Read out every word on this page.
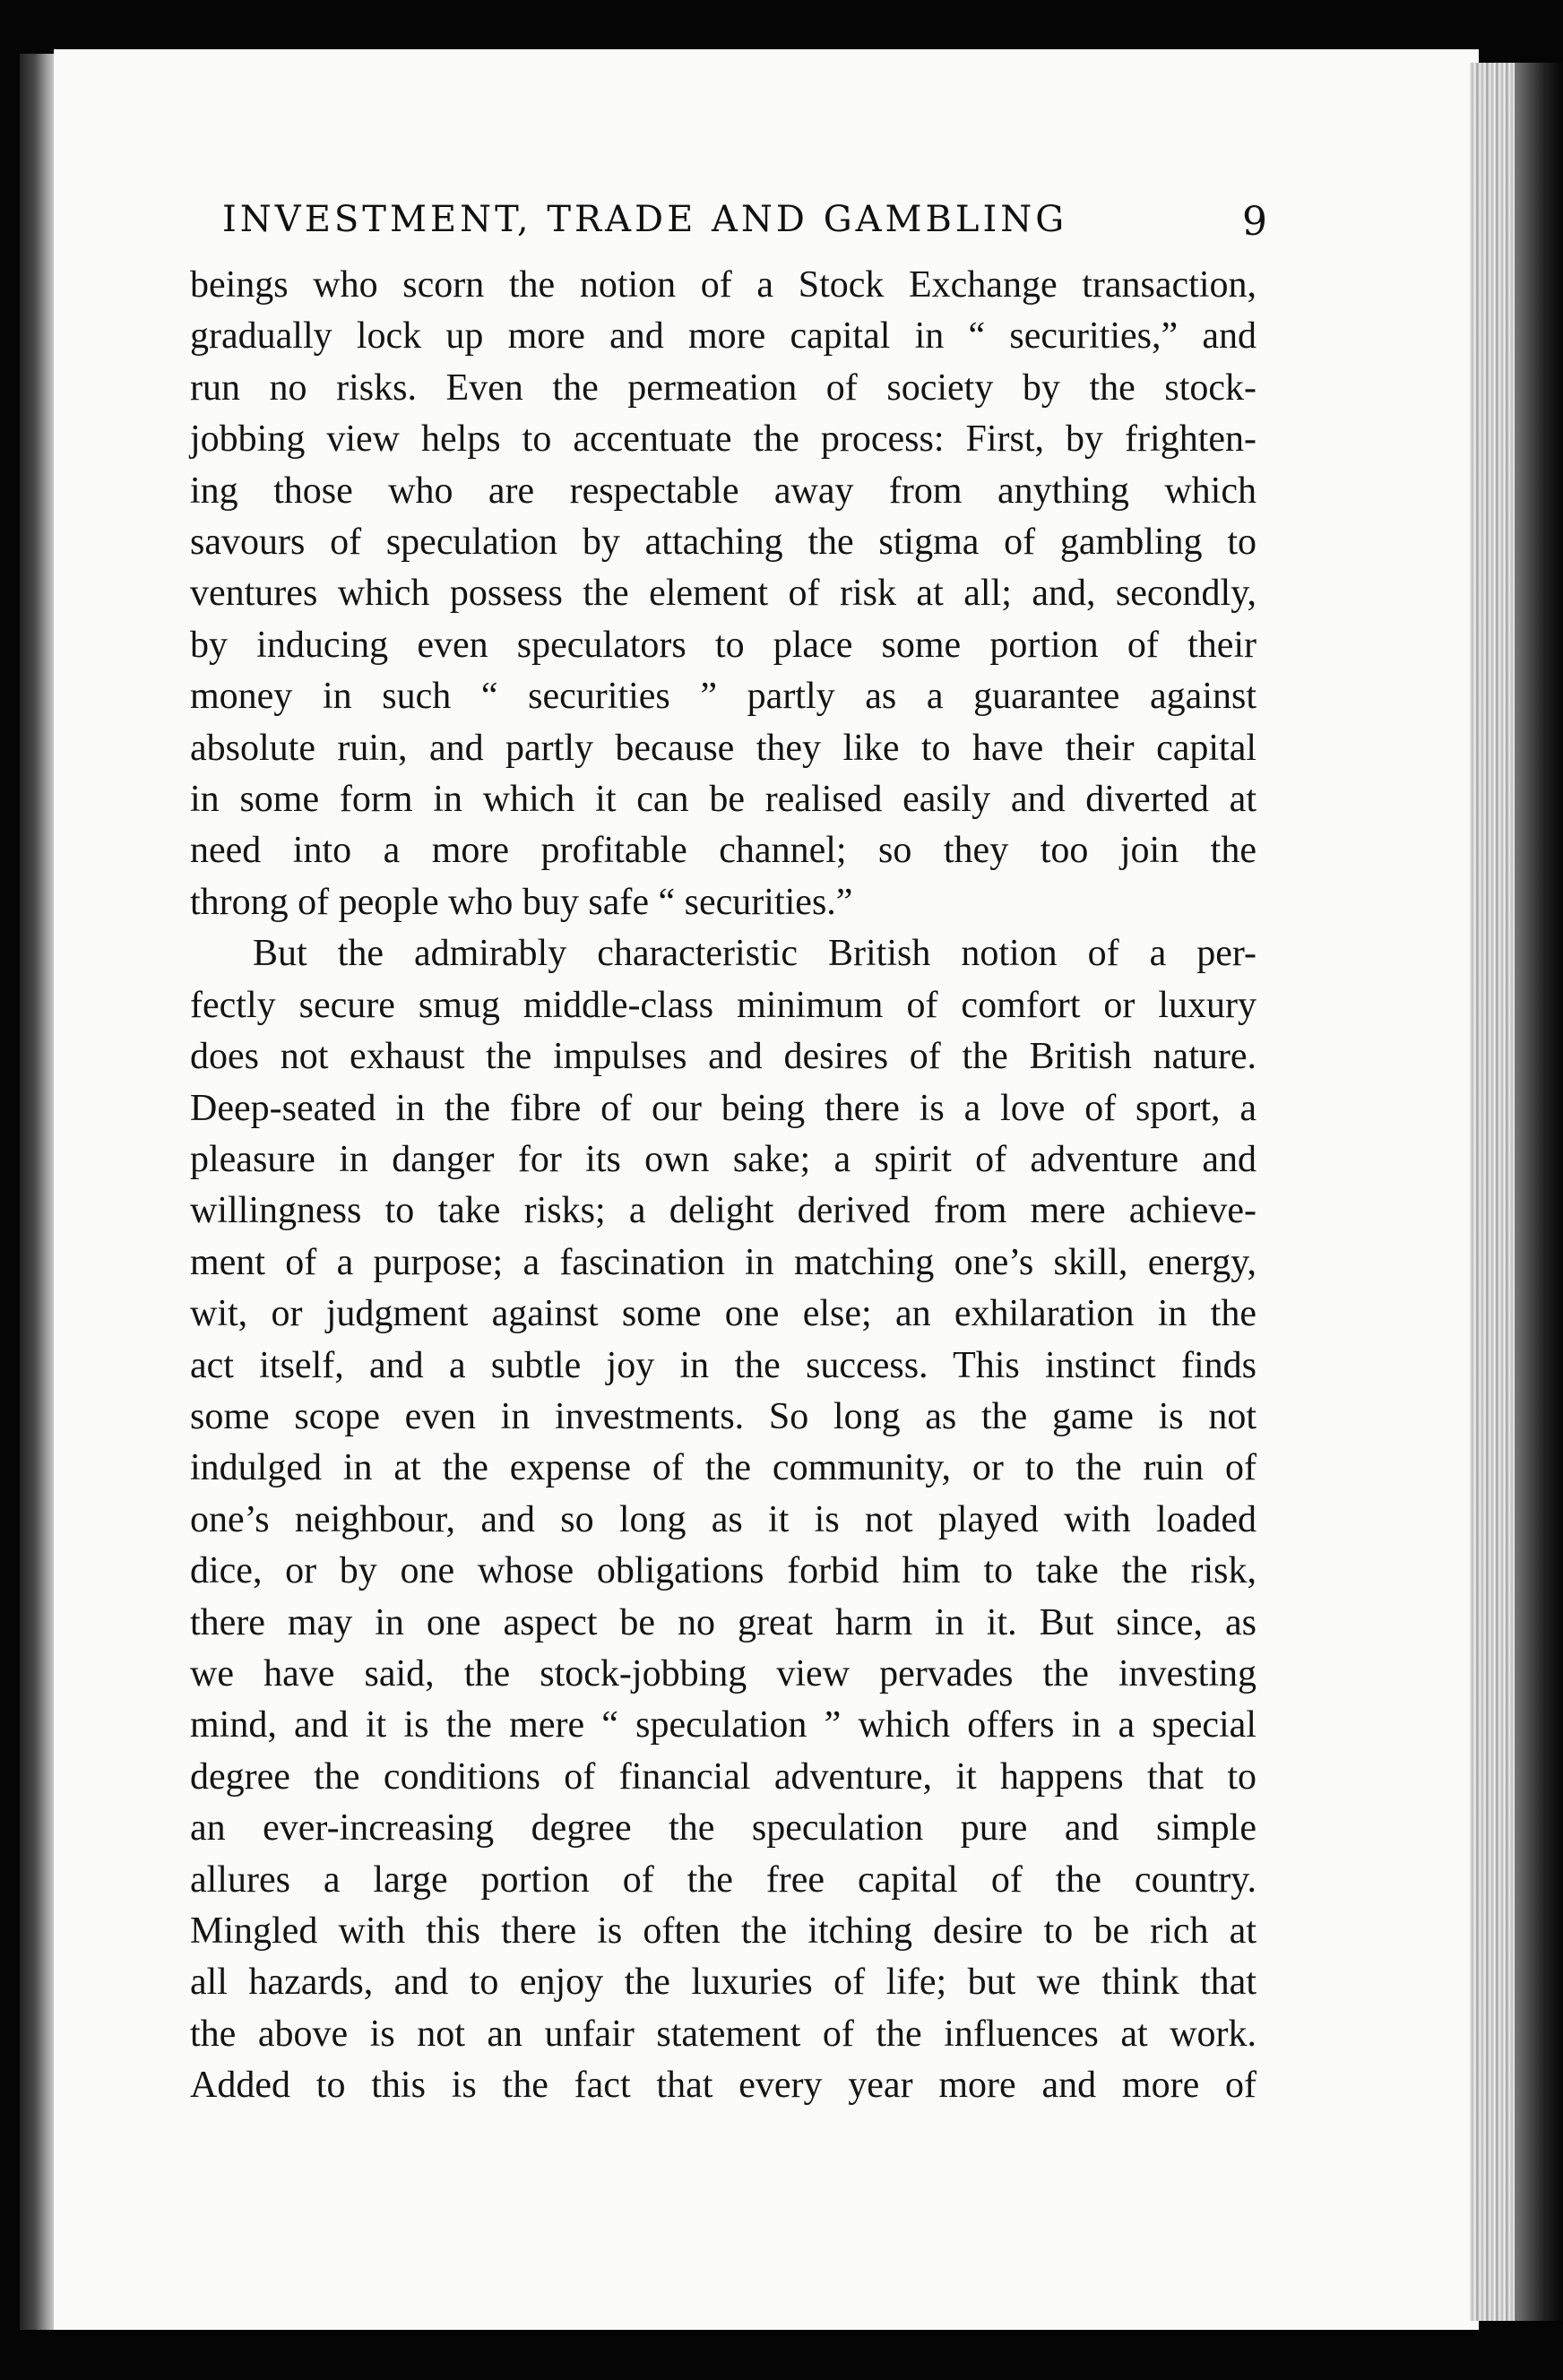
INVESTMENT, TRADE AND GAMBLING	9

beings who scorn the notion of a Stock Exchange transaction,
gradually lock up more and more capital in “ securities,” and
run no risks. Even the permeation of society by the stock-
jobbing view helps to accentuate the process: First, by frighten-
ing those who are respectable away from anything which
savours of speculation by attaching the stigma of gambling to
ventures which possess the element of risk at all; and, secondly,
by inducing even speculators to place some portion of their
money in such “ securities ” partly as a guarantee against
absolute ruin, and partly because they like to have their capital
in some form in which it can be realised easily and diverted at
need into a more profitable channel; so they too join the
throng of people who buy safe “ securities.”

But the admirably characteristic British notion of a per-
fectly secure smug middle-class minimum of comfort or luxury
does not exhaust the impulses and desires of the British nature.
Deep-seated in the fibre of our being there is a love of sport, a
pleasure in danger for its own sake; a spirit of adventure and
willingness to take risks; a delight derived from mere achieve-
ment of a purpose; a fascination in matching one’s skill, energy,
wit, or judgment against some one else; an exhilaration in the
act itself, and a subtle joy in the success. This instinct finds
some scope even in investments. So long as the game is not
indulged in at the expense of the community, or to the ruin of
one’s neighbour, and so long as it is not played with loaded
dice, or by one whose obligations forbid him to take the risk,
there may in one aspect be no great harm in it. But since, as
we have said, the stock-jobbing view pervades the investing
mind, and it is the mere “ speculation ” which offers in a special
degree the conditions of financial adventure, it happens that to
an ever-increasing degree the speculation pure and simple
allures a large portion of the free capital of the country.
Mingled with this there is often the itching desire to be rich at
all hazards, and to enjoy the luxuries of life; but we think that
the above is not an unfair statement of the influences at work.
Added to this is the fact that every year more and more of
